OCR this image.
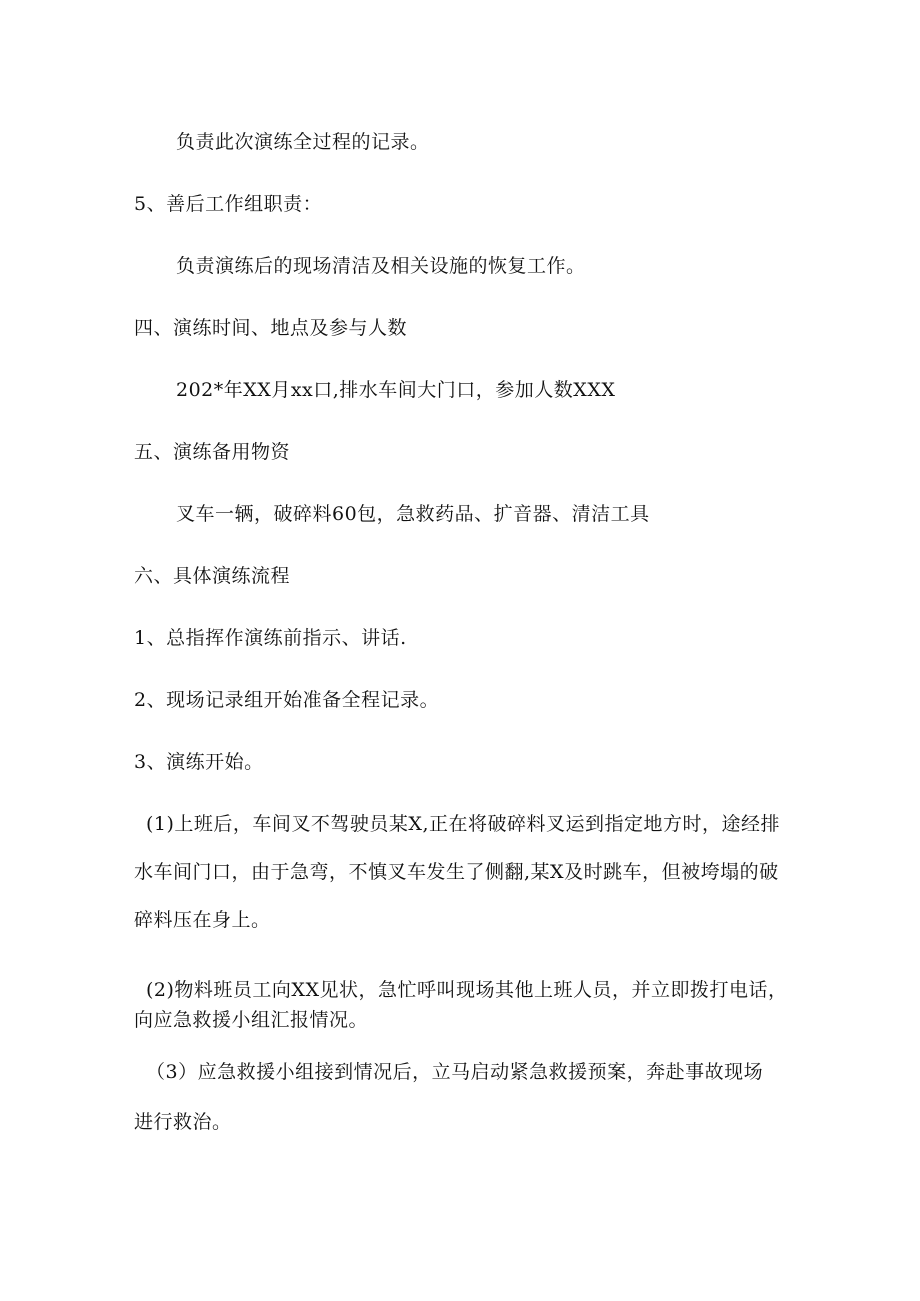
负责此次演练全过程的记录。
5、善后工作组职责：
负责演练后的现场清洁及相关设施的恢复工作。
四、演练时间、地点及参与人数
202*年XX月xx口,排水车间大门口，参加人数XXX
五、演练备用物资
叉车一辆，破碎料60包，急救药品、扩音器、清洁工具
六、具体演练流程
1、总指挥作演练前指示、讲话.
2、现场记录组开始准备全程记录。
3、演练开始。
(1)上班后，车间叉不驾驶员某X,正在将破碎料叉运到指定地方时，途经排
水车间门口，由于急弯，不慎叉车发生了侧翻,某X及时跳车，但被垮塌的破
碎料压在身上。
(2)物料班员工向XX见状，急忙呼叫现场其他上班人员，并立即拨打电话，
向应急救援小组汇报情况。
（3）应急救援小组接到情况后，立马启动紧急救援预案，奔赴事故现场
进行救治。
